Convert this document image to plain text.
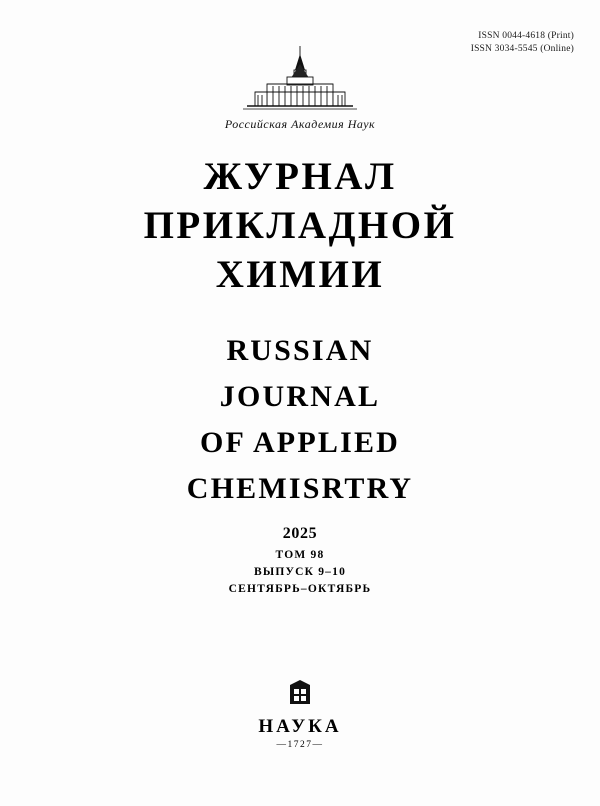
ISSN 0044-4618 (Print)
ISSN 3034-5545 (Online)
Российская Академия Наук
ЖУРНАЛ
ПРИКЛАДНОЙ
ХИМИИ
RUSSIAN
JOURNAL
OF APPLIED
CHEMISRTRY
2025
ТОМ 98
ВЫПУСК 9–10
СЕНТЯБРЬ–ОКТЯБРЬ
НАУКА
—1727—
